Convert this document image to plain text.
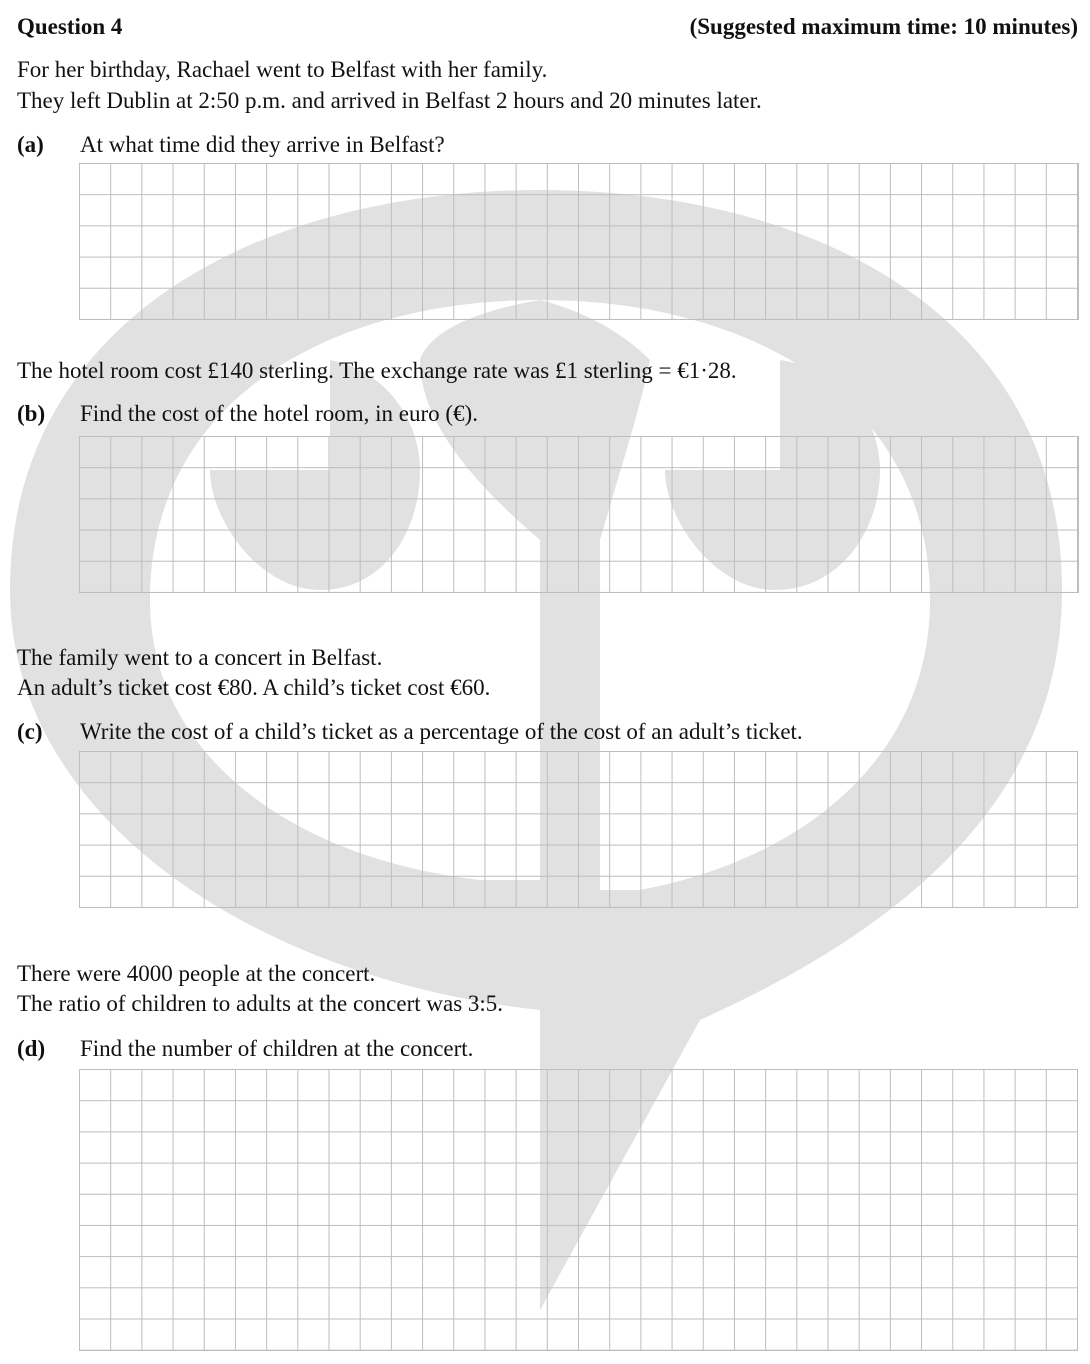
Question 4	(Suggested maximum time: 10 minutes)
For her birthday, Rachael went to Belfast with her family.
They left Dublin at 2:50 p.m. and arrived in Belfast 2 hours and 20 minutes later.
(a) At what time did they arrive in Belfast?
The hotel room cost £140 sterling. The exchange rate was £1 sterling = €1·28.
(b) Find the cost of the hotel room, in euro (€).
The family went to a concert in Belfast.
An adult’s ticket cost €80. A child’s ticket cost €60.
(c) Write the cost of a child’s ticket as a percentage of the cost of an adult’s ticket.
There were 4000 people at the concert.
The ratio of children to adults at the concert was 3:5.
(d) Find the number of children at the concert.
